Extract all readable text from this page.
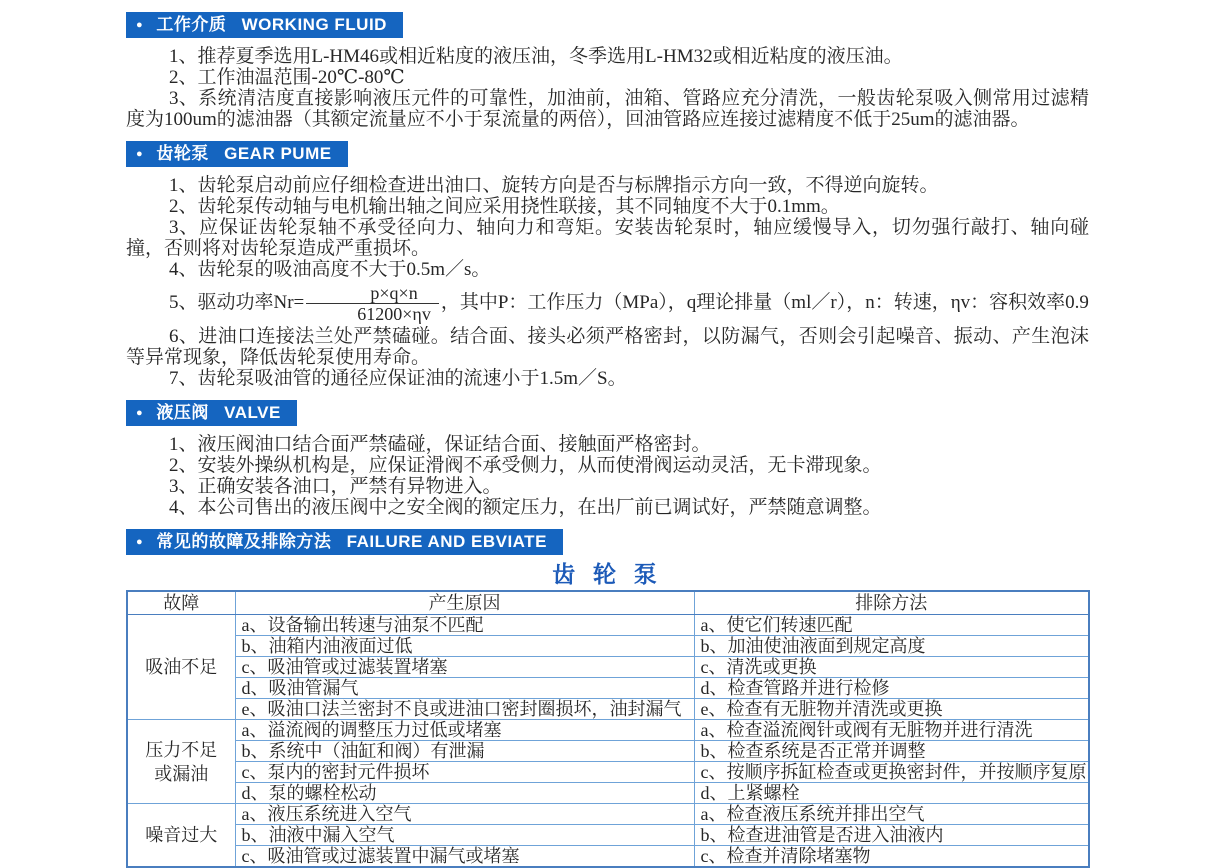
● 工作介质 WORKING FLUID

1、推荐夏季选用L-HM46或相近粘度的液压油，冬季选用L-HM32或相近粘度的液压油。

2、工作油温范围-20℃-80℃

3、系统清洁度直接影响液压元件的可靠性，加油前，油箱、管路应充分清洗，一般齿轮泵吸入侧常用过滤精度为100um的滤油器（其额定流量应不小于泵流量的两倍），回油管路应连接过滤精度不低于25um的滤油器。

● 齿轮泵 GEAR PUME

1、齿轮泵启动前应仔细检查进出油口、旋转方向是否与标牌指示方向一致，不得逆向旋转。

2、齿轮泵传动轴与电机输出轴之间应采用挠性联接，其不同轴度不大于0.1mm。

3、应保证齿轮泵轴不承受径向力、轴向力和弯矩。安装齿轮泵时，轴应缓慢导入，切勿强行敲打、轴向碰撞，否则将对齿轮泵造成严重损坏。

4、齿轮泵的吸油高度不大于0.5m／s。

5、驱动功率$Nr= \frac{p\times q\times n}{61200\times\eta v}$ ，其中P：工作压力（MPa），q理论排量（ml／r），n：转速，ηv：容积效率0.9

6、进油口连接法兰处严禁磕碰。结合面、接头必须严格密封，以防漏气，否则会引起噪音、振动、产生泡沫等异常现象，降低齿轮泵使用寿命。

7、齿轮泵吸油管的通径应保证油的流速小于1.5m／S。

● 液压阀 VALVE

1、液压阀油口结合面严禁磕碰，保证结合面、接触面严格密封。

2、安装外操纵机构是，应保证滑阀不承受侧力，从而使滑阀运动灵活，无卡滞现象。

3、正确安装各油口，严禁有异物进入。

4、本公司售出的液压阀中之安全阀的额定压力，在出厂前已调试好，严禁随意调整。

● 常见的故障及排除方法 FAILURE AND EBVIATE
齿 轮 泵
故障	产生原因	排除方法

吸油不足	a、设备输出转速与油泵不匹配	a、使它们转速匹配
	b、油箱内油液面过低	b、加油使油液面到规定高度
	c、吸油管或过滤装置堵塞	c、清洗或更换
	d、吸油管漏气	d、检查管路并进行检修
	e、吸油口法兰密封不良或进油口密封圈损坏，油封漏气	e、检查有无脏物并清洗或更换

压力不足
或漏油	a、溢流阀的调整压力过低或堵塞	a、检查溢流阀针或阀有无脏物并进行清洗
	b、系统中（油缸和阀）有泄漏	b、检查系统是否正常并调整
	c、泵内的密封元件损坏	c、按顺序拆缸检查或更换密封件，并按顺序复原
	d、泵的螺栓松动	d、上紧螺栓

噪音过大	a、液压系统进入空气	a、检查液压系统并排出空气
	b、油液中漏入空气	b、检查进油管是否进入油液内
	c、吸油管或过滤装置中漏气或堵塞	c、检查并清除堵塞物
